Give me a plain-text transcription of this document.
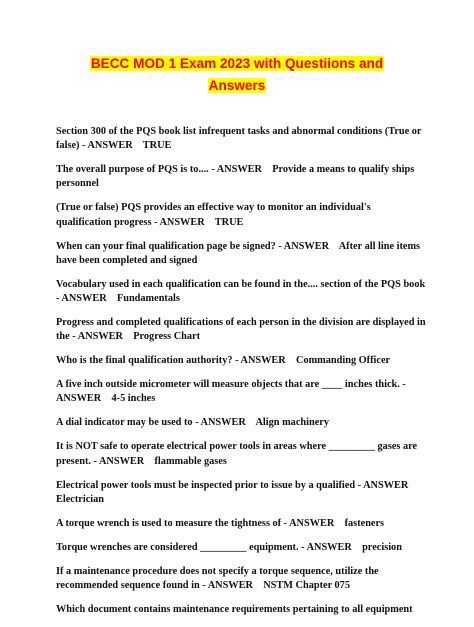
BECC MOD 1 Exam 2023 with Questiions and
Answers
Section 300 of the PQS book list infrequent tasks and abnormal conditions (True or false) - ANSWER    TRUE
The overall purpose of PQS is to.... - ANSWER    Provide a means to qualify ships personnel
(True or false) PQS provides an effective way to monitor an individual's qualification progress - ANSWER    TRUE
When can your final qualification page be signed? - ANSWER    After all line items have been completed and signed
Vocabulary used in each qualification can be found in the.... section of the PQS book - ANSWER    Fundamentals
Progress and completed qualifications of each person in the division are displayed in the - ANSWER    Progress Chart
Who is the final qualification authority? - ANSWER    Commanding Officer
A five inch outside micrometer will measure objects that are ____ inches thick. - ANSWER    4-5 inches
A dial indicator may be used to - ANSWER    Align machinery
It is NOT safe to operate electrical power tools in areas where _________ gases are present. - ANSWER    flammable gases
Electrical power tools must be inspected prior to issue by a qualified - ANSWER Electrician
A torque wrench is used to measure the tightness of - ANSWER    fasteners
Torque wrenches are considered _________ equipment. - ANSWER    precision
If a maintenance procedure does not specify a torque sequence, utilize the recommended sequence found in - ANSWER    NSTM Chapter 075
Which document contains maintenance requirements pertaining to all equipment
